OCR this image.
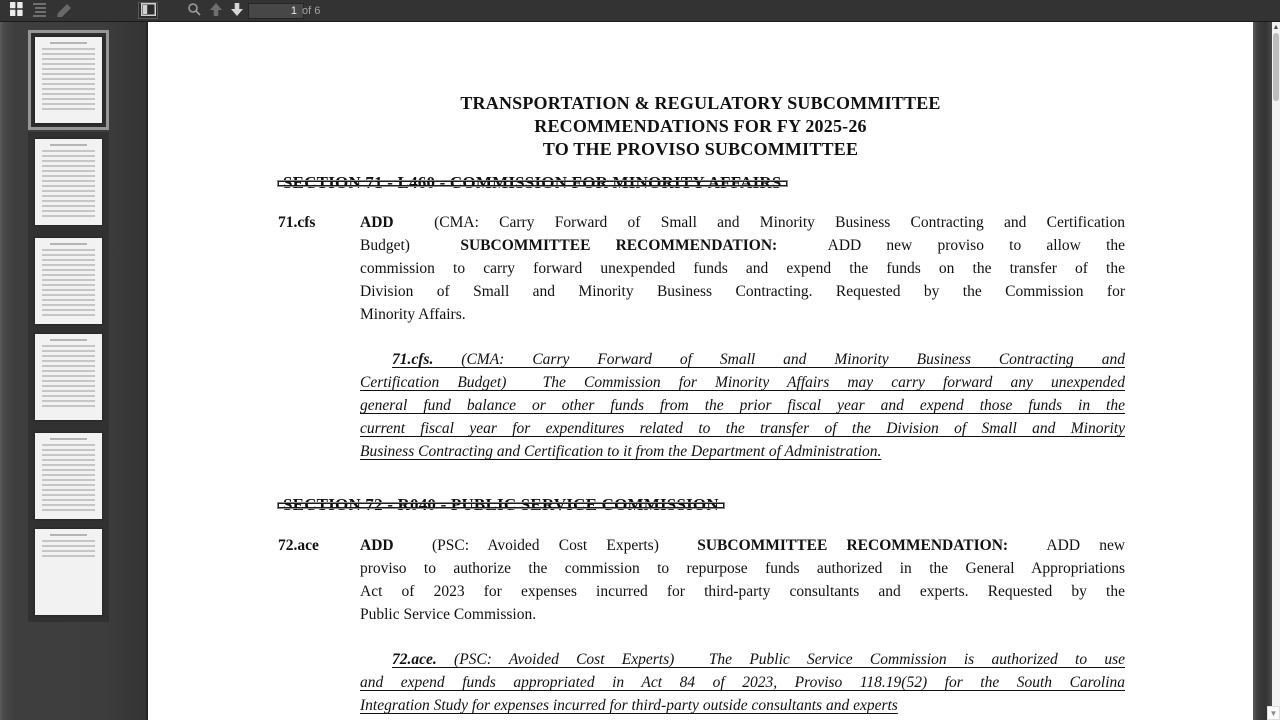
1
of 6
TRANSPORTATION & REGULATORY SUBCOMMITTEE
RECOMMENDATIONS FOR FY 2025-26
TO THE PROVISO SUBCOMMITTEE
SECTION 71 - L460 - COMMISSION FOR MINORITY AFFAIRS
71.cfs	ADD  (CMA: Carry Forward of Small and Minority Business Contracting and Certification
Budget)  SUBCOMMITTEE RECOMMENDATION:  ADD new proviso to allow the
commission to carry forward unexpended funds and expend the funds on the transfer of the
Division of Small and Minority Business Contracting. Requested by the Commission for
Minority Affairs.
71.cfs. (CMA: Carry Forward of Small and Minority Business Contracting and
Certification Budget)  The Commission for Minority Affairs may carry forward any unexpended
general fund balance or other funds from the prior fiscal year and expend those funds in the
current fiscal year for expenditures related to the transfer of the Division of Small and Minority
Business Contracting and Certification to it from the Department of Administration.
SECTION 72 - R040 - PUBLIC SERVICE COMMISSION
72.ace	ADD  (PSC: Avoided Cost Experts)  SUBCOMMITTEE RECOMMENDATION:  ADD new
proviso to authorize the commission to repurpose funds authorized in the General Appropriations
Act of 2023 for expenses incurred for third-party consultants and experts. Requested by the
Public Service Commission.
72.ace. (PSC: Avoided Cost Experts)  The Public Service Commission is authorized to use
and expend funds appropriated in Act 84 of 2023, Proviso 118.19(52) for the South Carolina
Integration Study for expenses incurred for third-party outside consultants and experts
▲
▼
